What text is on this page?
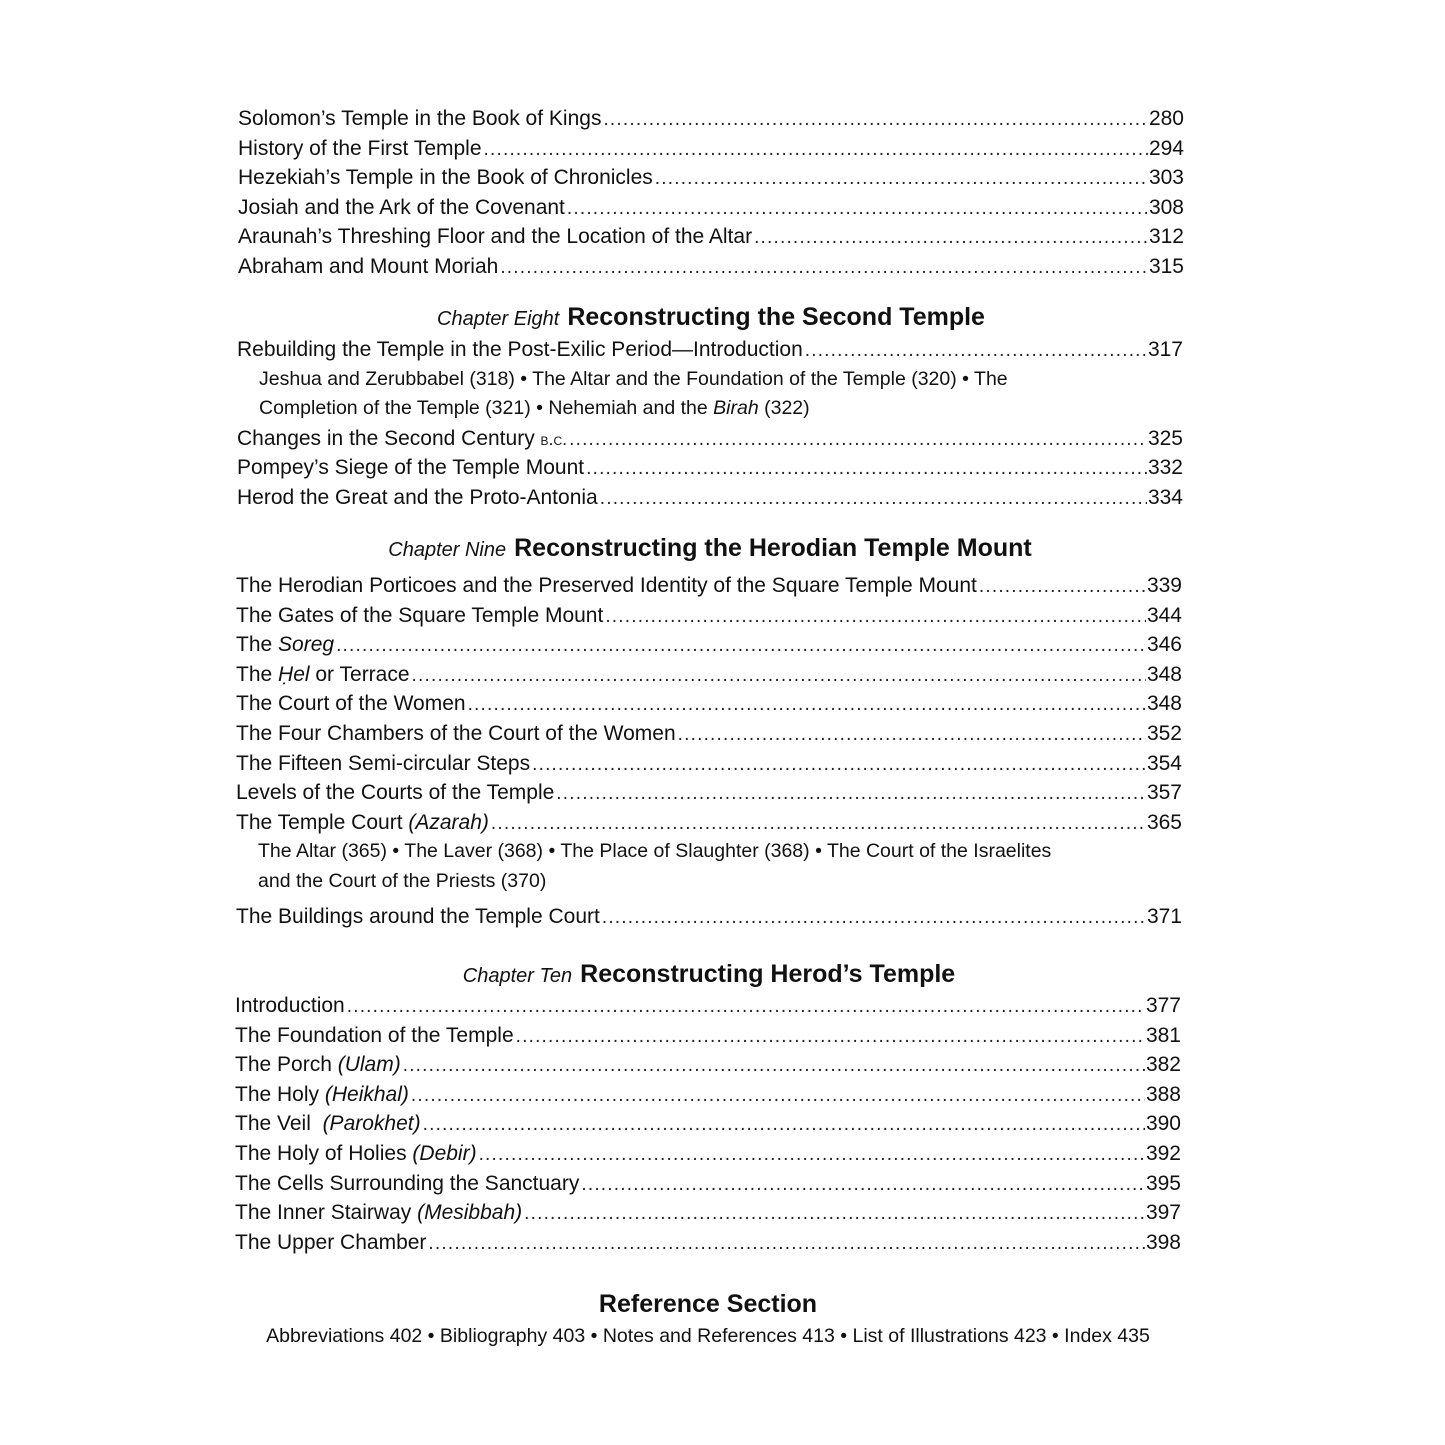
Solomon’s Temple in the Book of Kings .....	280
History of the First Temple .....	294
Hezekiah’s Temple in the Book of Chronicles .....	303
Josiah and the Ark of the Covenant .....	308
Araunah’s Threshing Floor and the Location of the Altar .....	312
Abraham and Mount Moriah .....	315
Chapter Eight Reconstructing the Second Temple
Rebuilding the Temple in the Post-Exilic Period—Introduction .....	317
Jeshua and Zerubbabel (318) • The Altar and the Foundation of the Temple (320) • The
Completion of the Temple (321) • Nehemiah and the Birah (322)
Changes in the Second Century b.c. .....	325
Pompey’s Siege of the Temple Mount .....	332
Herod the Great and the Proto-Antonia .....	334
Chapter Nine Reconstructing the Herodian Temple Mount
The Herodian Porticoes and the Preserved Identity of the Square Temple Mount .....	339
The Gates of the Square Temple Mount .....	344
The Soreg .....	346
The Ḥel or Terrace .....	348
The Court of the Women .....	348
The Four Chambers of the Court of the Women .....	352
The Fifteen Semi-circular Steps .....	354
Levels of the Courts of the Temple .....	357
The Temple Court (Azarah) .....	365
The Altar (365) • The Laver (368) • The Place of Slaughter (368) • The Court of the Israelites
and the Court of the Priests (370)
The Buildings around the Temple Court .....	371
Chapter Ten Reconstructing Herod’s Temple
Introduction .....	377
The Foundation of the Temple .....	381
The Porch (Ulam) .....	382
The Holy (Heikhal) .....	388
The Veil  (Parokhet) .....	390
The Holy of Holies (Debir) .....	392
The Cells Surrounding the Sanctuary .....	395
The Inner Stairway (Mesibbah) .....	397
The Upper Chamber .....	398
Reference Section
Abbreviations 402 • Bibliography 403 • Notes and References 413 • List of Illustrations 423 • Index 435
